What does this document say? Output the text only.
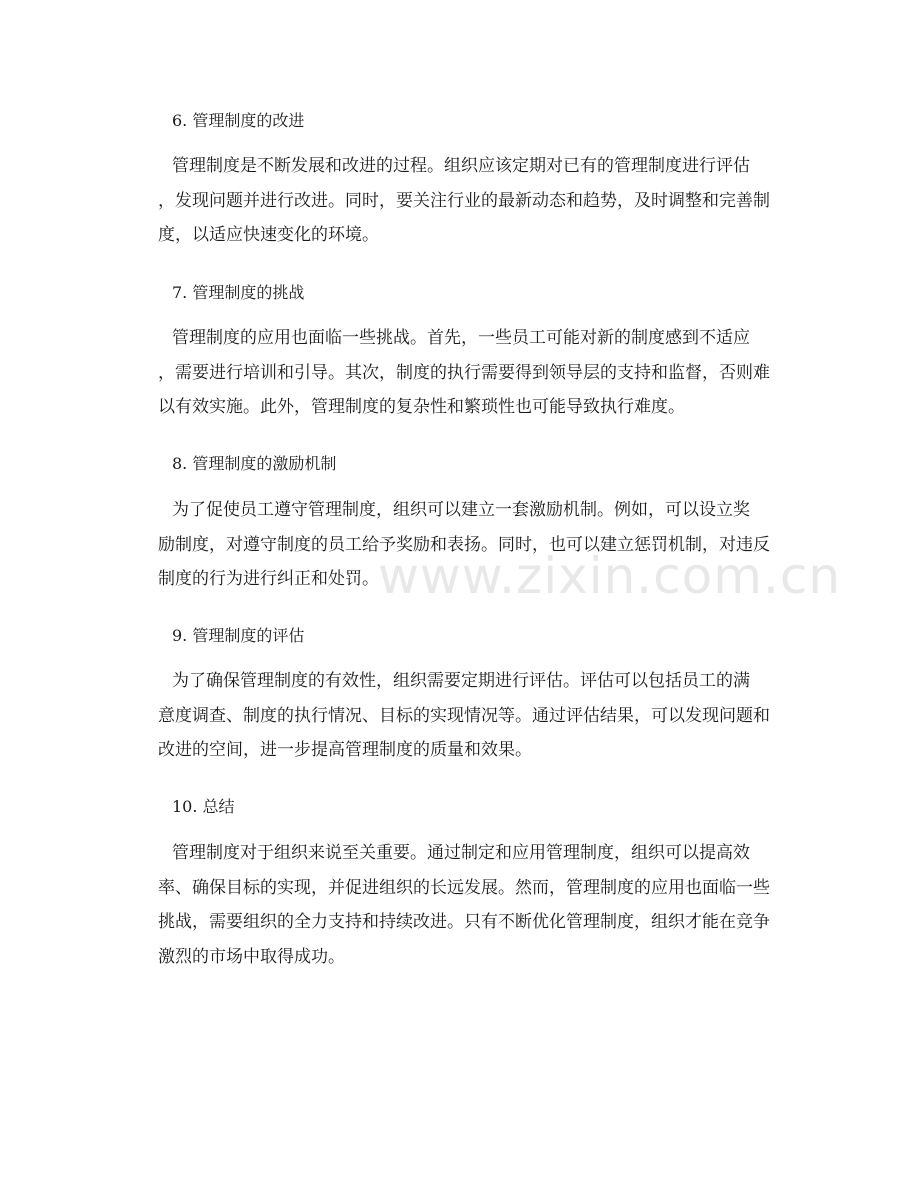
6. 管理制度的改进
管理制度是不断发展和改进的过程。组织应该定期对已有的管理制度进行评估
，发现问题并进行改进。同时，要关注行业的最新动态和趋势，及时调整和完善制
度，以适应快速变化的环境。
7. 管理制度的挑战
管理制度的应用也面临一些挑战。首先，一些员工可能对新的制度感到不适应
，需要进行培训和引导。其次，制度的执行需要得到领导层的支持和监督，否则难
以有效实施。此外，管理制度的复杂性和繁琐性也可能导致执行难度。
8. 管理制度的激励机制
为了促使员工遵守管理制度，组织可以建立一套激励机制。例如，可以设立奖
励制度，对遵守制度的员工给予奖励和表扬。同时，也可以建立惩罚机制，对违反
制度的行为进行纠正和处罚。
9. 管理制度的评估
为了确保管理制度的有效性，组织需要定期进行评估。评估可以包括员工的满
意度调查、制度的执行情况、目标的实现情况等。通过评估结果，可以发现问题和
改进的空间，进一步提高管理制度的质量和效果。
10. 总结
管理制度对于组织来说至关重要。通过制定和应用管理制度，组织可以提高效
率、确保目标的实现，并促进组织的长远发展。然而，管理制度的应用也面临一些
挑战，需要组织的全力支持和持续改进。只有不断优化管理制度，组织才能在竞争
激烈的市场中取得成功。
www.zixin.com.cn
